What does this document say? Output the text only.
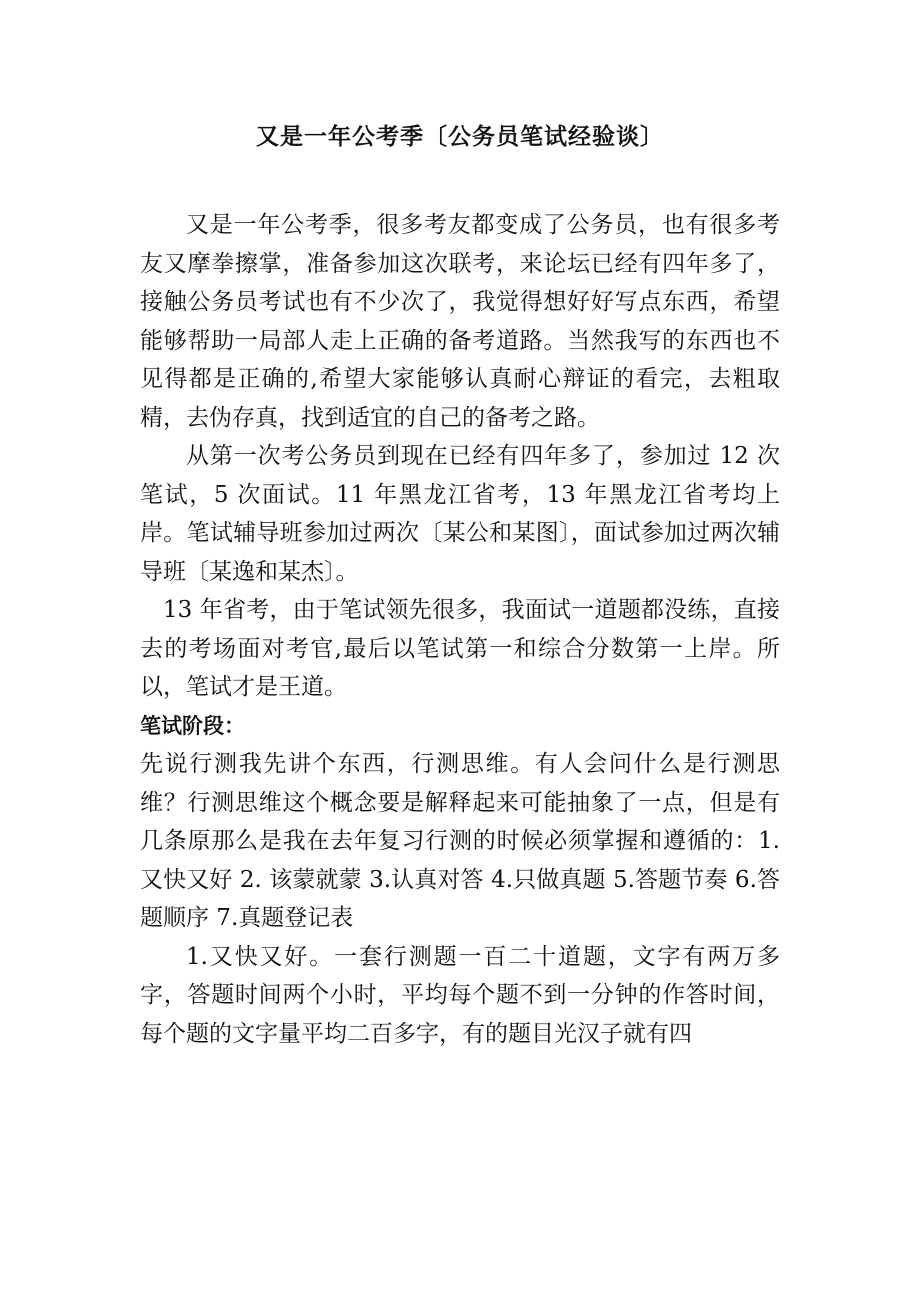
又是一年公考季〔公务员笔试经验谈〕

又是一年公考季，很多考友都变成了公务员，也有很多考友又摩拳擦掌，准备参加这次联考，来论坛已经有四年多了，接触公务员考试也有不少次了，我觉得想好好写点东西，希望能够帮助一局部人走上正确的备考道路。当然我写的东西也不见得都是正确的,希望大家能够认真耐心辩证的看完，去粗取精，去伪存真，找到适宜的自己的备考之路。

从第一次考公务员到现在已经有四年多了，参加过 12 次笔试，5 次面试。11 年黑龙江省考，13 年黑龙江省考均上岸。笔试辅导班参加过两次〔某公和某图〕，面试参加过两次辅导班〔某逸和某杰〕。

13 年省考，由于笔试领先很多，我面试一道题都没练，直接去的考场面对考官,最后以笔试第一和综合分数第一上岸。所以，笔试才是王道。

笔试阶段：

先说行测我先讲个东西，行测思维。有人会问什么是行测思维？行测思维这个概念要是解释起来可能抽象了一点，但是有几条原那么是我在去年复习行测的时候必须掌握和遵循的：1.又快又好 2. 该蒙就蒙 3.认真对答 4.只做真题 5.答题节奏 6.答题顺序 7.真题登记表

1.又快又好。一套行测题一百二十道题，文字有两万多字，答题时间两个小时，平均每个题不到一分钟的作答时间，每个题的文字量平均二百多字，有的题目光汉子就有四
